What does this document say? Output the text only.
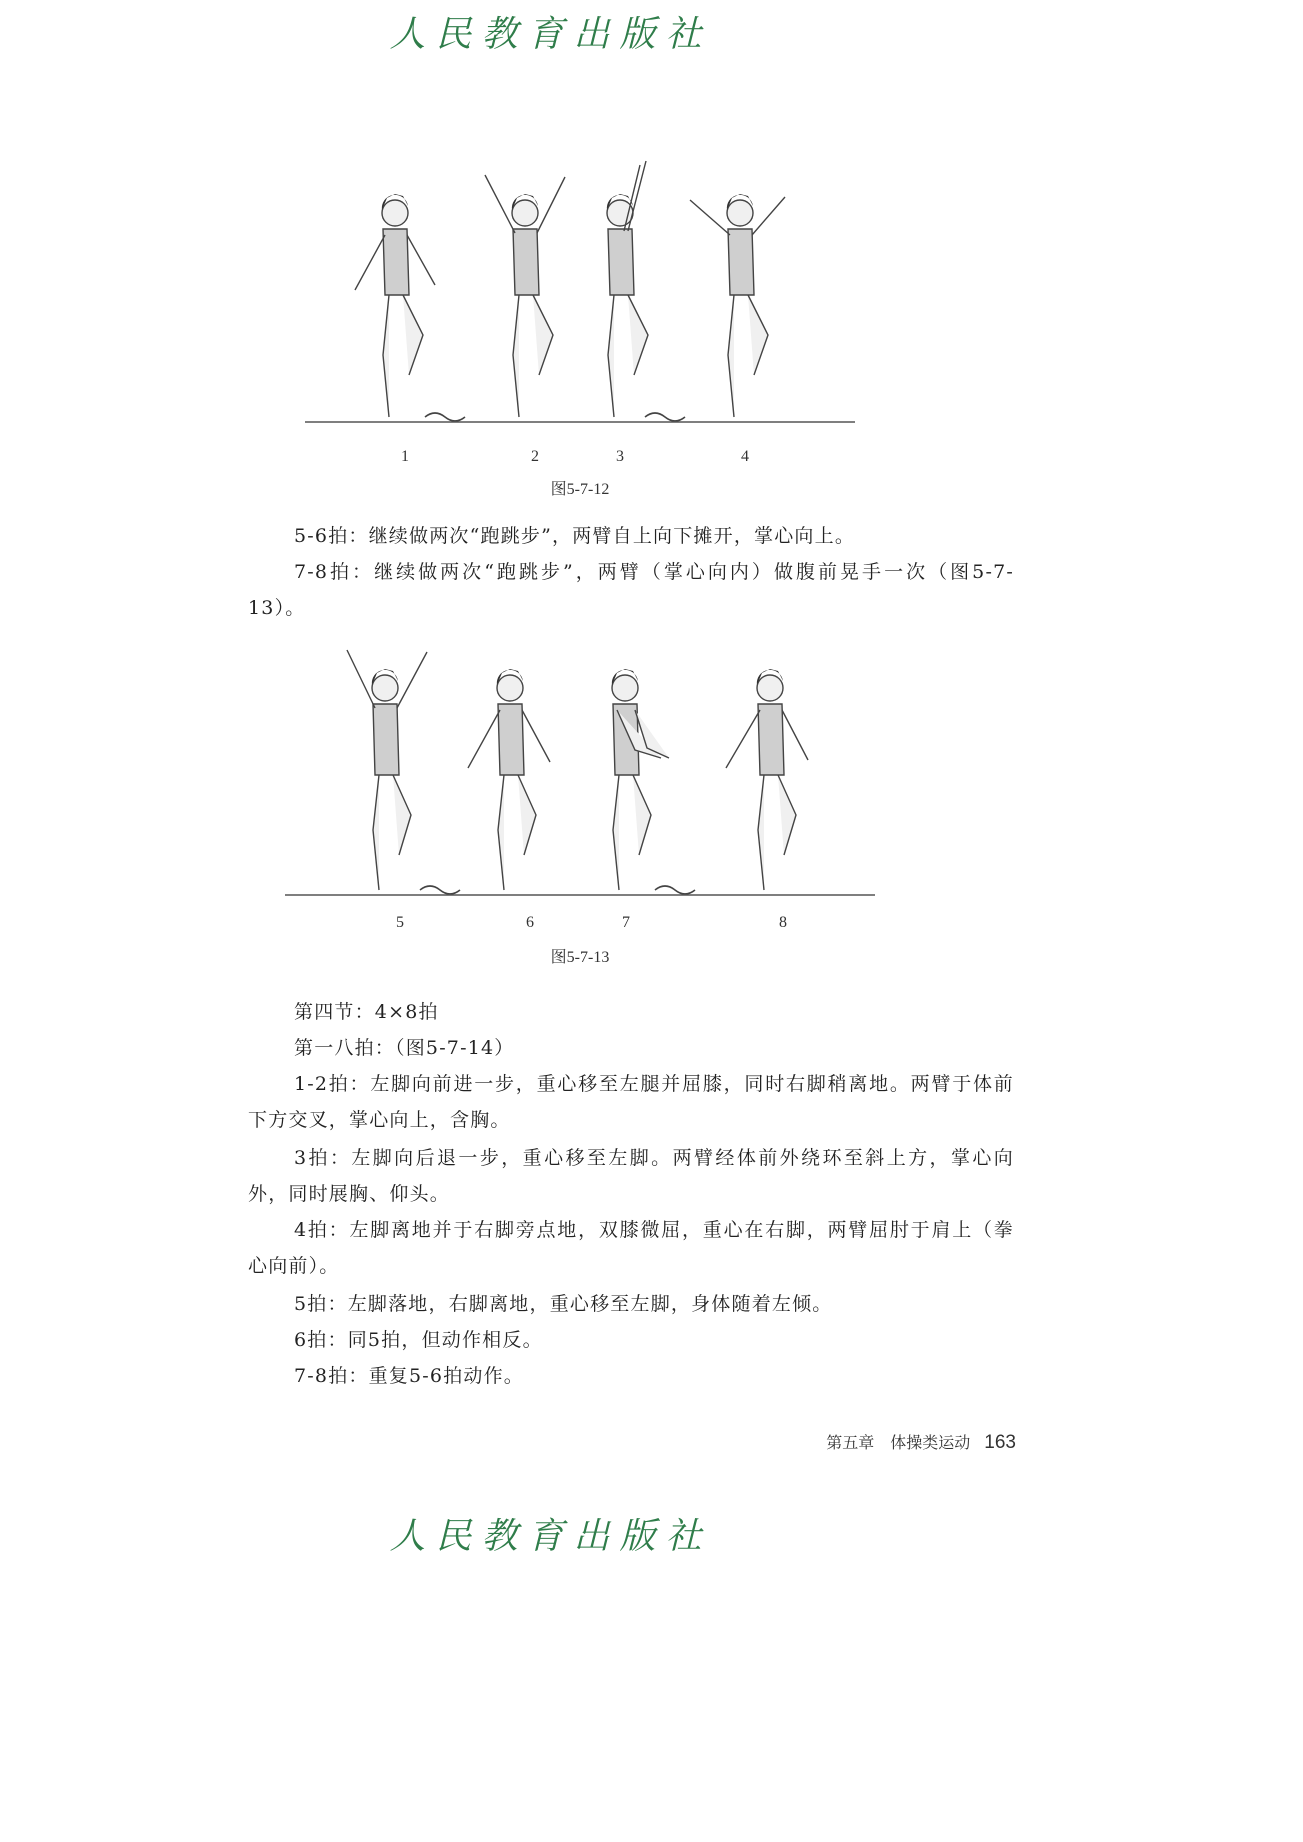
人民教育出版社
1	2	3	4
图5-7-12
5-6拍：继续做两次“跑跳步”，两臂自上向下摊开，掌心向上。
7-8拍：继续做两次“跑跳步”，两臂（掌心向内）做腹前晃手一次（图5-7-13）。
5	6	7	8
图5-7-13
第四节：4×8拍
第一八拍：（图5-7-14）
1-2拍：左脚向前进一步，重心移至左腿并屈膝，同时右脚稍离地。两臂于体前下方交叉，掌心向上，含胸。
3拍：左脚向后退一步，重心移至左脚。两臂经体前外绕环至斜上方，掌心向外，同时展胸、仰头。
4拍：左脚离地并于右脚旁点地，双膝微屈，重心在右脚，两臂屈肘于肩上（拳心向前）。
5拍：左脚落地，右脚离地，重心移至左脚，身体随着左倾。
6拍：同5拍，但动作相反。
7-8拍：重复5-6拍动作。
第五章　体操类运动 163
人民教育出版社
